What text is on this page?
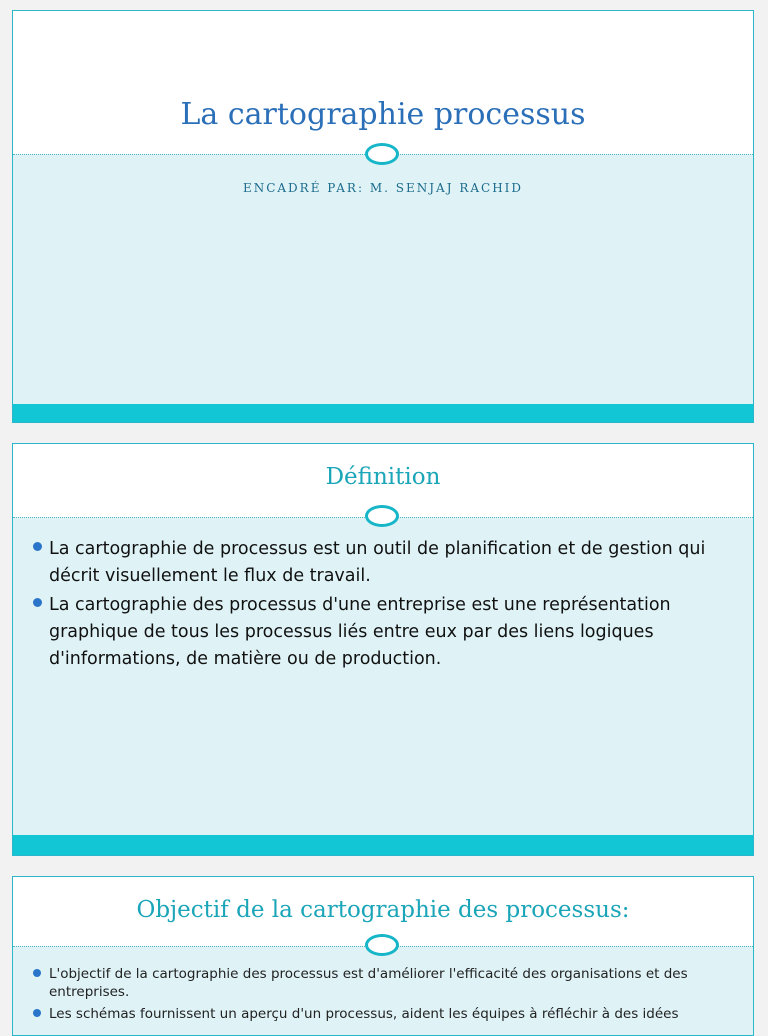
La cartographie processus
ENCADRÉ PAR: M. SENJAJ RACHID
Définition
La cartographie de processus est un outil de planification et de gestion qui décrit visuellement le flux de travail.
La cartographie des processus d'une entreprise est une représentation graphique de tous les processus liés entre eux par des liens logiques d'informations, de matière ou de production.
Objectif de la cartographie des processus:
L'objectif de la cartographie des processus est d'améliorer l'efficacité des organisations et des entreprises.
Les schémas fournissent un aperçu d'un processus, aident les équipes à réfléchir à des idées
